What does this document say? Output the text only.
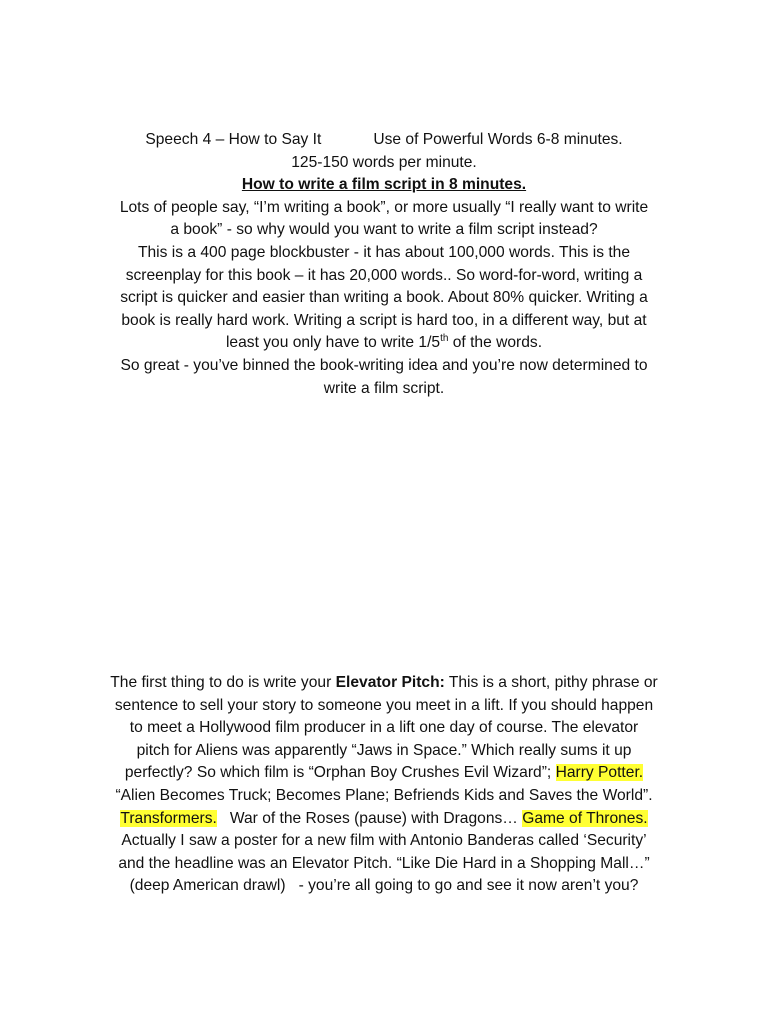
Speech 4 – How to Say It	Use of Powerful Words 6-8 minutes.
125-150 words per minute.
How to write a film script in 8 minutes.
Lots of people say, “I’m writing a book”, or more usually “I really want to write
a book” - so why would you want to write a film script instead?
This is a 400 page blockbuster - it has about 100,000 words. This is the
screenplay for this book – it has 20,000 words.. So word-for-word, writing a
script is quicker and easier than writing a book. About 80% quicker. Writing a
book is really hard work. Writing a script is hard too, in a different way, but at
least you only have to write 1/5th of the words.
So great - you’ve binned the book-writing idea and you’re now determined to
write a film script.
The first thing to do is write your Elevator Pitch: This is a short, pithy phrase or
sentence to sell your story to someone you meet in a lift. If you should happen
to meet a Hollywood film producer in a lift one day of course. The elevator
pitch for Aliens was apparently “Jaws in Space.” Which really sums it up
perfectly? So which film is “Orphan Boy Crushes Evil Wizard”; Harry Potter.
“Alien Becomes Truck; Becomes Plane; Befriends Kids and Saves the World”.
Transformers.   War of the Roses (pause) with Dragons… Game of Thrones.
Actually I saw a poster for a new film with Antonio Banderas called ‘Security’
and the headline was an Elevator Pitch. “Like Die Hard in a Shopping Mall…”
(deep American drawl)   - you’re all going to go and see it now aren’t you?
